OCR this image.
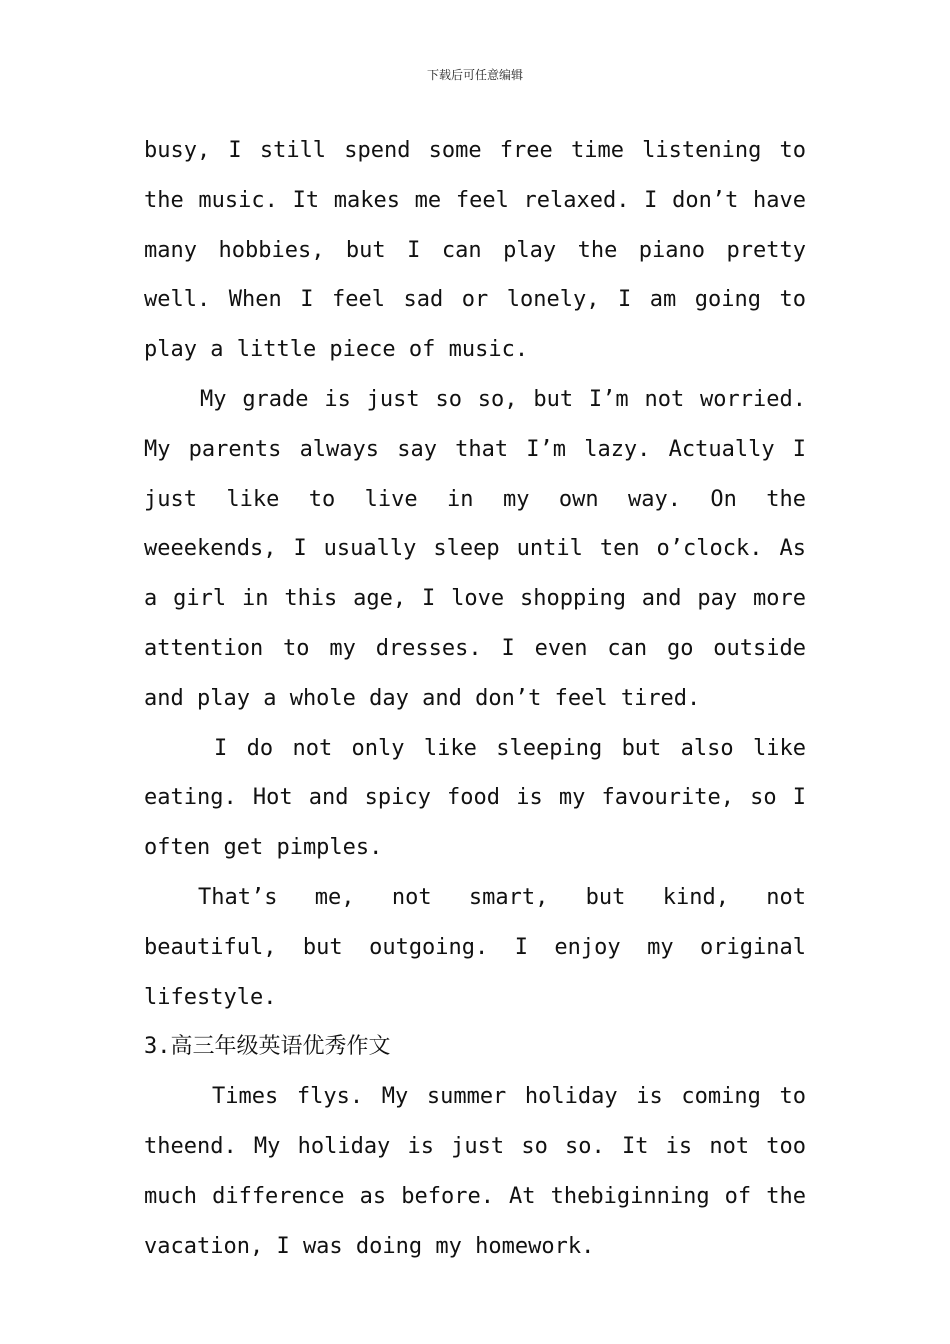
下载后可任意编辑

busy, I still spend some free time listening to the music. It makes me feel relaxed. I don’t have many hobbies, but I can play the piano pretty well. When I feel sad or lonely, I am going to play a little piece of music.

My grade is just so so, but I’m not worried. My parents always say that I’m lazy. Actually I just like to live in my own way. On the weeekends, I usually sleep until ten o’clock. As a girl in this age, I love shopping and pay more attention to my dresses. I even can go outside and play a whole day and don’t feel tired.

I do not only like sleeping but also like eating. Hot and spicy food is my favourite, so I often get pimples.

That’s me, not smart, but kind, not beautiful, but outgoing. I enjoy my original lifestyle.

3.高三年级英语优秀作文

Times flys. My summer holiday is coming to theend. My holiday is just so so. It is not too much difference as before. At thebiginning of the vacation, I was doing my homework.
